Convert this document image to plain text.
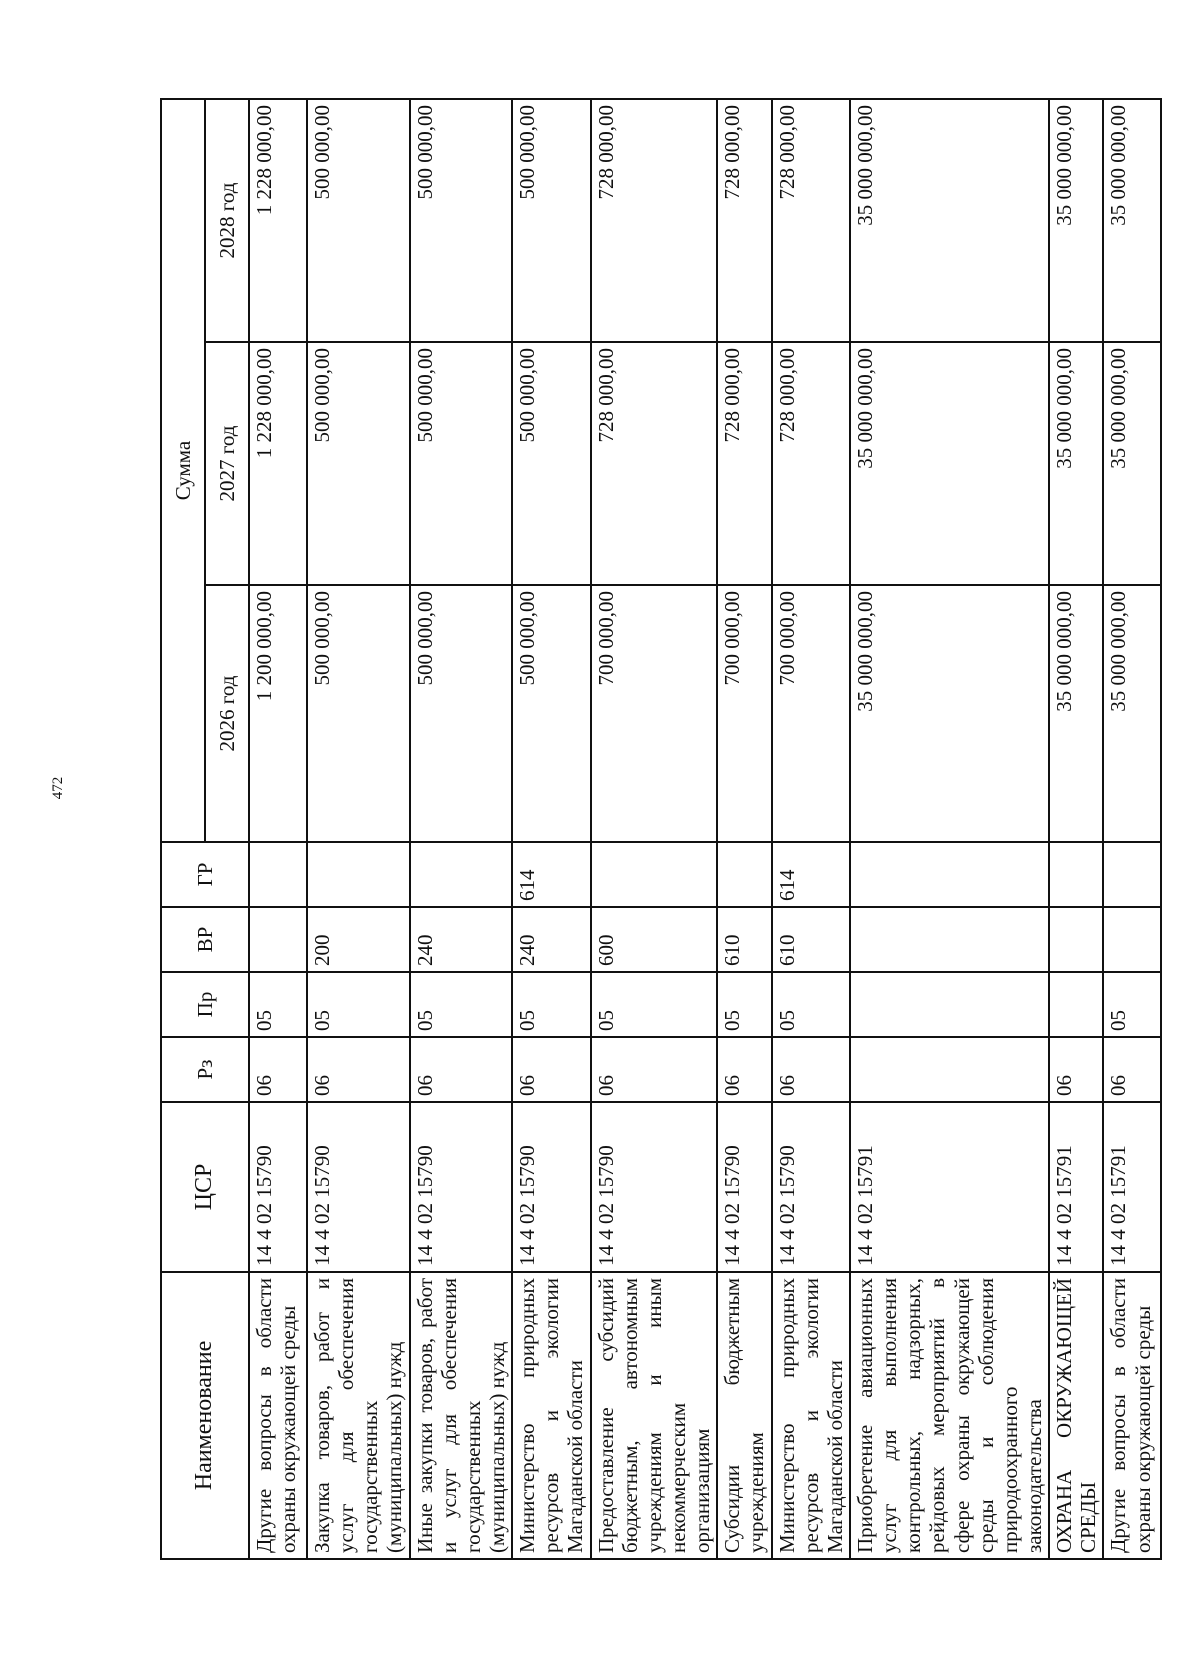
472
Наименование	ЦСР	Рз	Пр	ВР	ГР	Сумма		
						2026 год	2027 год	2028 год
Другие вопросы в области охраны окружающей среды	14 4 02 15790	06	05			1 200 000,00	1 228 000,00	1 228 000,00
Закупка товаров, работ и услуг для обеспечения государственных (муниципальных) нужд	14 4 02 15790	06	05	200		500 000,00	500 000,00	500 000,00
Иные закупки товаров, работ и услуг для обеспечения государственных (муниципальных) нужд	14 4 02 15790	06	05	240		500 000,00	500 000,00	500 000,00
Министерство природных ресурсов и экологии Магаданской области	14 4 02 15790	06	05	240	614	500 000,00	500 000,00	500 000,00
Предоставление субсидий бюджетным, автономным учреждениям и иным некоммерческим организациям	14 4 02 15790	06	05	600		700 000,00	728 000,00	728 000,00
Субсидии бюджетным учреждениям	14 4 02 15790	06	05	610		700 000,00	728 000,00	728 000,00
Министерство природных ресурсов и экологии Магаданской области	14 4 02 15790	06	05	610	614	700 000,00	728 000,00	728 000,00
Приобретение авиационных услуг для выполнения контрольных, надзорных, рейдовых мероприятий в сфере охраны окружающей среды и соблюдения природоохранного законодательства	14 4 02 15791					35 000 000,00	35 000 000,00	35 000 000,00
ОХРАНА ОКРУЖАЮЩЕЙ СРЕДЫ	14 4 02 15791	06				35 000 000,00	35 000 000,00	35 000 000,00
Другие вопросы в области охраны окружающей среды	14 4 02 15791	06	05			35 000 000,00	35 000 000,00	35 000 000,00
